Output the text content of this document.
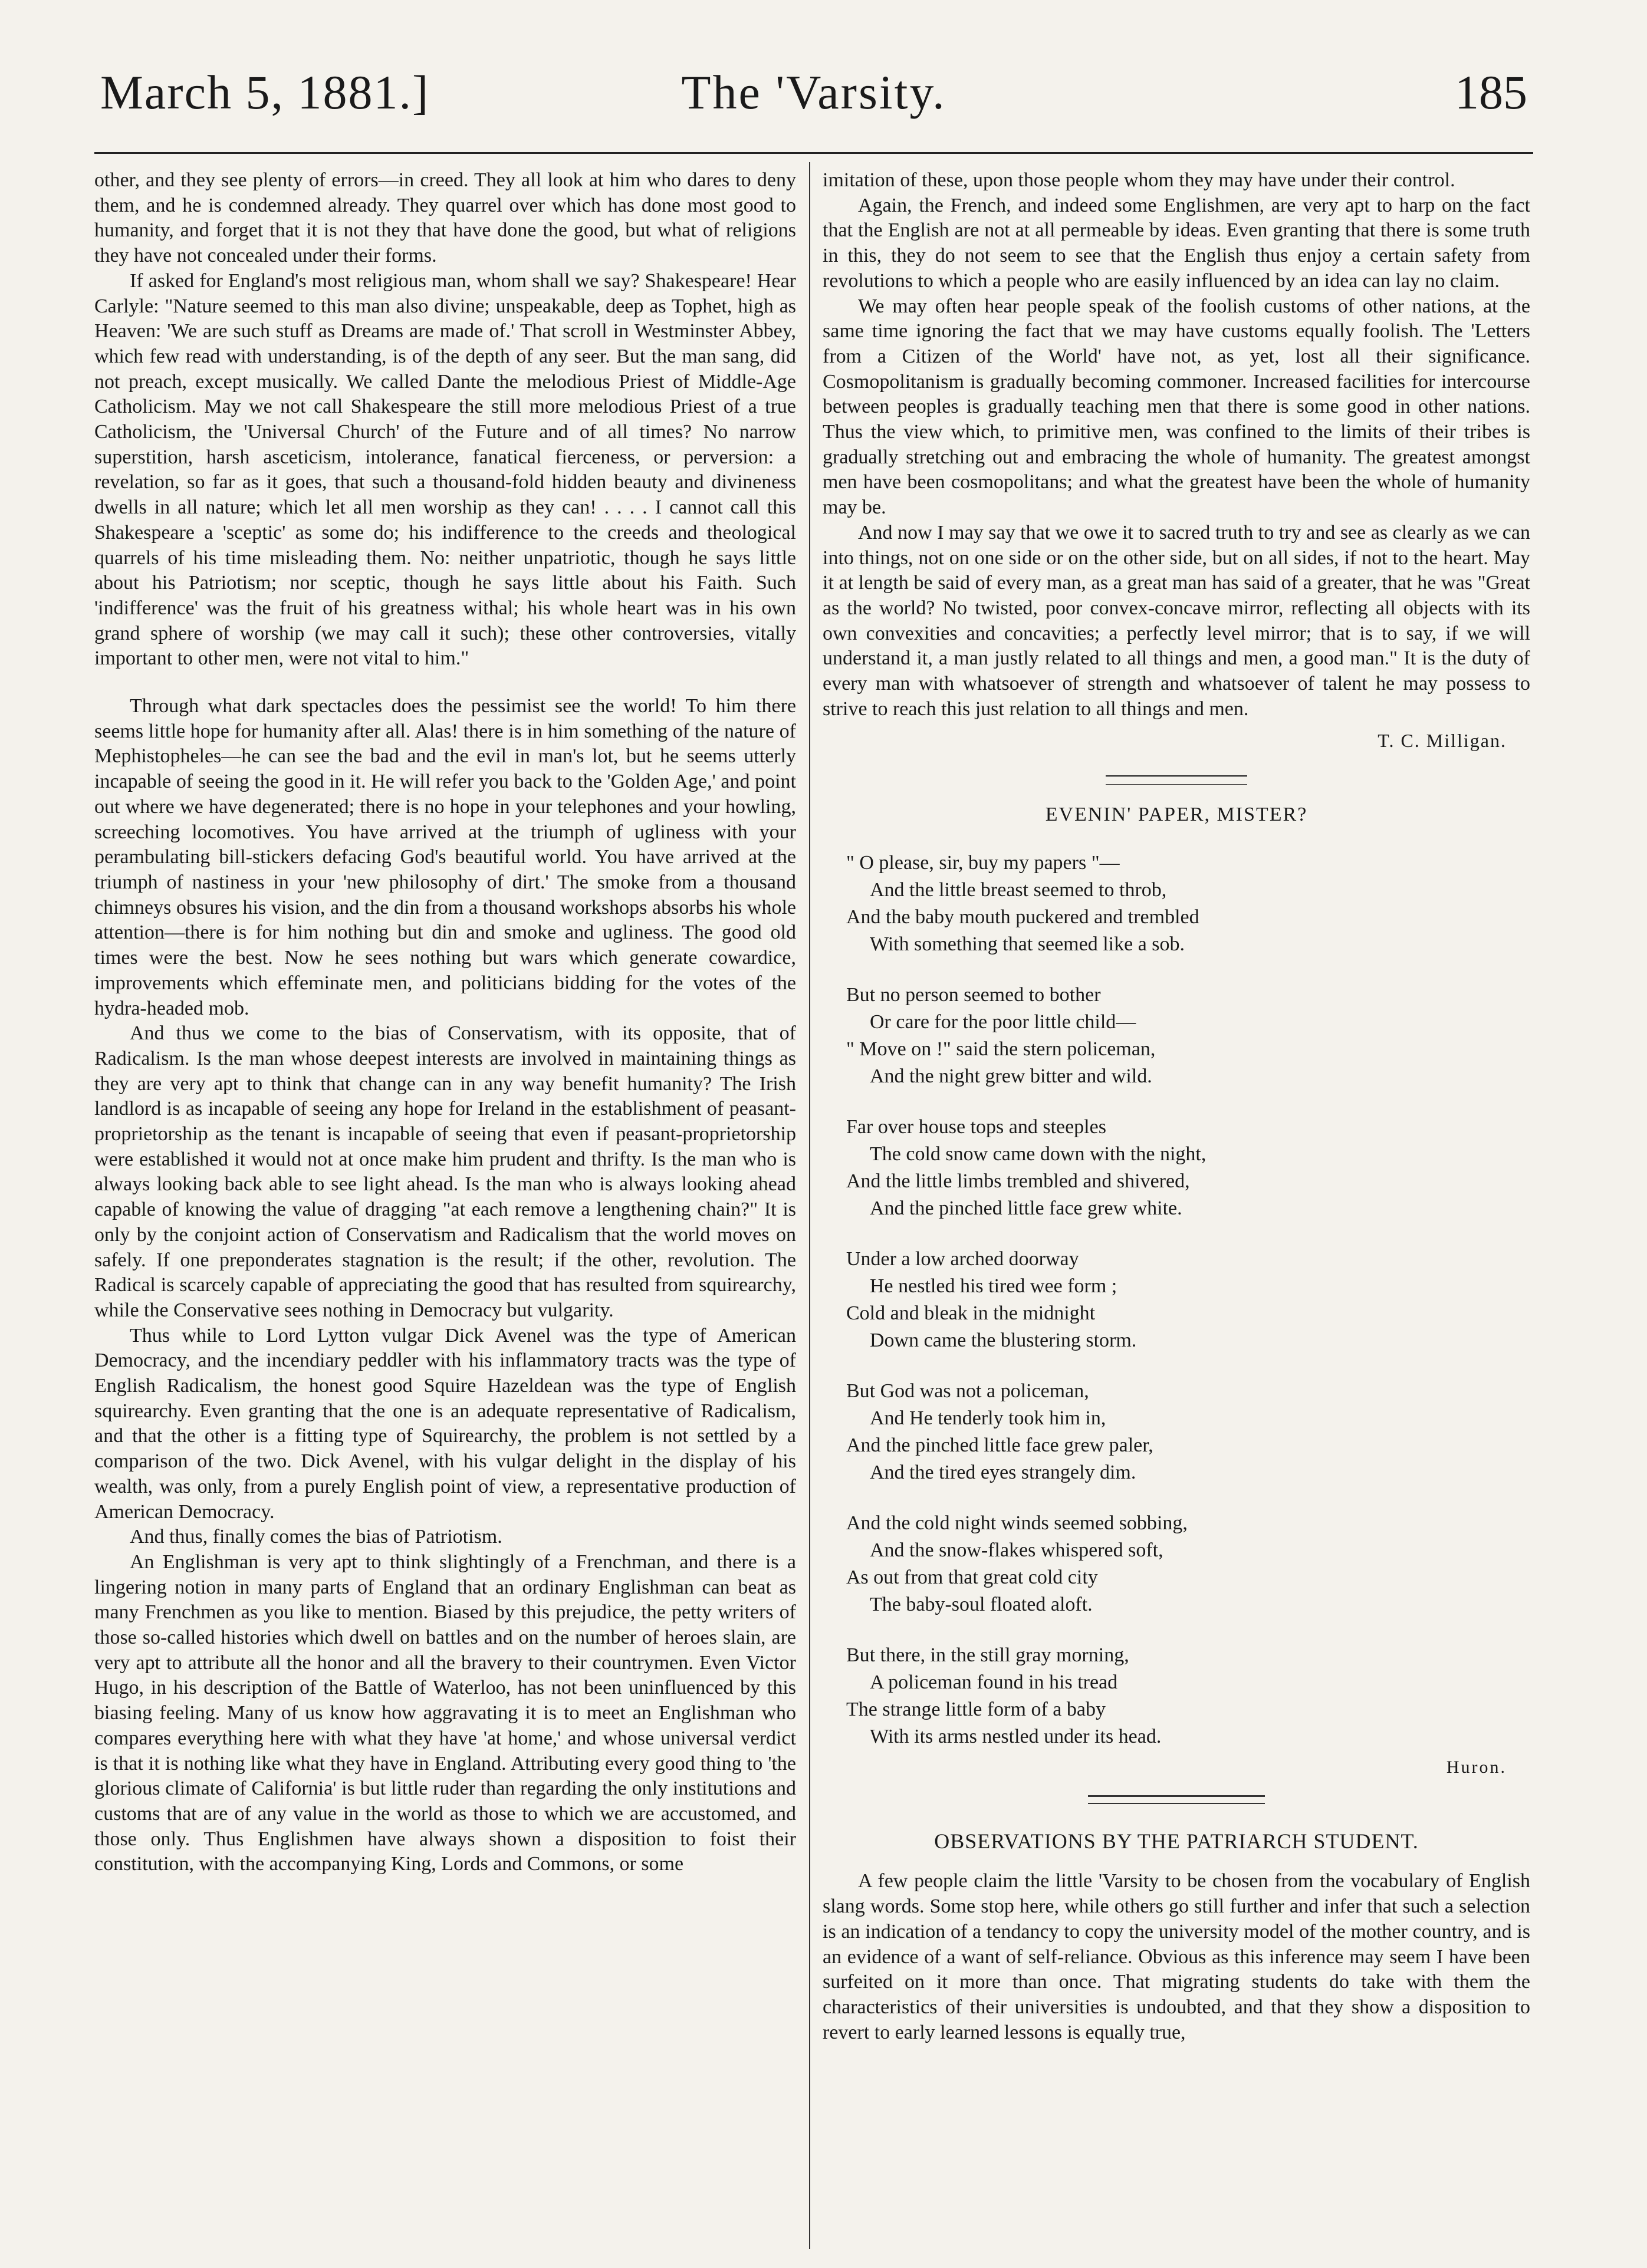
March 5, 1881.]	The 'Varsity.	185

other, and they see plenty of errors—in creed. They all look at him who dares to deny them, and he is condemned already. They quarrel over which has done most good to humanity, and forget that it is not they that have done the good, but what of religions they have not concealed under their forms.

If asked for England's most religious man, whom shall we say? Shakespeare! Hear Carlyle: "Nature seemed to this man also divine; unspeakable, deep as Tophet, high as Heaven: 'We are such stuff as Dreams are made of.' That scroll in Westminster Abbey, which few read with understanding, is of the depth of any seer. But the man sang, did not preach, except musically. We called Dante the melodious Priest of Middle-Age Catholicism. May we not call Shakespeare the still more melodious Priest of a true Catholicism, the 'Universal Church' of the Future and of all times? No narrow superstition, harsh asceticism, intolerance, fanatical fierceness, or perversion: a revelation, so far as it goes, that such a thousand-fold hidden beauty and divineness dwells in all nature; which let all men worship as they can! . . . . I cannot call this Shakespeare a 'sceptic' as some do; his indifference to the creeds and theological quarrels of his time misleading them. No: neither unpatriotic, though he says little about his Patriotism; nor sceptic, though he says little about his Faith. Such 'indifference' was the fruit of his greatness withal; his whole heart was in his own grand sphere of worship (we may call it such); these other controversies, vitally important to other men, were not vital to him."

Through what dark spectacles does the pessimist see the world! To him there seems little hope for humanity after all. Alas! there is in him something of the nature of Mephistopheles—he can see the bad and the evil in man's lot, but he seems utterly incapable of seeing the good in it. He will refer you back to the 'Golden Age,' and point out where we have degenerated; there is no hope in your telephones and your howling, screeching locomotives. You have arrived at the triumph of ugliness with your perambulating bill-stickers defacing God's beautiful world. You have arrived at the triumph of nastiness in your 'new philosophy of dirt.' The smoke from a thousand chimneys obsures his vision, and the din from a thousand workshops absorbs his whole attention—there is for him nothing but din and smoke and ugliness. The good old times were the best. Now he sees nothing but wars which generate cowardice, improvements which effeminate men, and politicians bidding for the votes of the hydra-headed mob.

And thus we come to the bias of Conservatism, with its opposite, that of Radicalism. Is the man whose deepest interests are involved in maintaining things as they are very apt to think that change can in any way benefit humanity? The Irish landlord is as incapable of seeing any hope for Ireland in the establishment of peasant-proprietorship as the tenant is incapable of seeing that even if peasant-proprietorship were established it would not at once make him prudent and thrifty. Is the man who is always looking back able to see light ahead. Is the man who is always looking ahead capable of knowing the value of dragging "at each remove a lengthening chain?" It is only by the conjoint action of Conservatism and Radicalism that the world moves on safely. If one preponderates stagnation is the result; if the other, revolution. The Radical is scarcely capable of appreciating the good that has resulted from squirearchy, while the Conservative sees nothing in Democracy but vulgarity.

Thus while to Lord Lytton vulgar Dick Avenel was the type of American Democracy, and the incendiary peddler with his inflammatory tracts was the type of English Radicalism, the honest good Squire Hazeldean was the type of English squirearchy. Even granting that the one is an adequate representative of Radicalism, and that the other is a fitting type of Squirearchy, the problem is not settled by a comparison of the two. Dick Avenel, with his vulgar delight in the display of his wealth, was only, from a purely English point of view, a representative production of American Democracy.

And thus, finally comes the bias of Patriotism.

An Englishman is very apt to think slightingly of a Frenchman, and there is a lingering notion in many parts of England that an ordinary Englishman can beat as many Frenchmen as you like to mention. Biased by this prejudice, the petty writers of those so-called histories which dwell on battles and on the number of heroes slain, are very apt to attribute all the honor and all the bravery to their countrymen. Even Victor Hugo, in his description of the Battle of Waterloo, has not been uninfluenced by this biasing feeling. Many of us know how aggravating it is to meet an Englishman who compares everything here with what they have 'at home,' and whose universal verdict is that it is nothing like what they have in England. Attributing every good thing to 'the glorious climate of California' is but little ruder than regarding the only institutions and customs that are of any value in the world as those to which we are accustomed, and those only. Thus Englishmen have always shown a disposition to foist their constitution, with the accompanying King, Lords and Commons, or some

imitation of these, upon those people whom they may have under their control.

Again, the French, and indeed some Englishmen, are very apt to harp on the fact that the English are not at all permeable by ideas. Even granting that there is some truth in this, they do not seem to see that the English thus enjoy a certain safety from revolutions to which a people who are easily influenced by an idea can lay no claim.

We may often hear people speak of the foolish customs of other nations, at the same time ignoring the fact that we may have customs equally foolish. The 'Letters from a Citizen of the World' have not, as yet, lost all their significance. Cosmopolitanism is gradually becoming commoner. Increased facilities for intercourse between peoples is gradually teaching men that there is some good in other nations. Thus the view which, to primitive men, was confined to the limits of their tribes is gradually stretching out and embracing the whole of humanity. The greatest amongst men have been cosmopolitans; and what the greatest have been the whole of humanity may be.

And now I may say that we owe it to sacred truth to try and see as clearly as we can into things, not on one side or on the other side, but on all sides, if not to the heart. May it at length be said of every man, as a great man has said of a greater, that he was "Great as the world? No twisted, poor convex-concave mirror, reflecting all objects with its own convexities and concavities; a perfectly level mirror; that is to say, if we will understand it, a man justly related to all things and men, a good man." It is the duty of every man with whatsoever of strength and whatsoever of talent he may possess to strive to reach this just relation to all things and men.

T. C. Milligan.
EVENIN' PAPER, MISTER?
" O please, sir, buy my papers "—
And the little breast seemed to throb,
And the baby mouth puckered and trembled
With something that seemed like a sob.
But no person seemed to bother
Or care for the poor little child—
" Move on !" said the stern policeman,
And the night grew bitter and wild.
Far over house tops and steeples
The cold snow came down with the night,
And the little limbs trembled and shivered,
And the pinched little face grew white.
Under a low arched doorway
He nestled his tired wee form ;
Cold and bleak in the midnight
Down came the blustering storm.
But God was not a policeman,
And He tenderly took him in,
And the pinched little face grew paler,
And the tired eyes strangely dim.
And the cold night winds seemed sobbing,
And the snow-flakes whispered soft,
As out from that great cold city
The baby-soul floated aloft.
But there, in the still gray morning,
A policeman found in his tread
The strange little form of a baby
With its arms nestled under its head.
Huron.
OBSERVATIONS BY THE PATRIARCH STUDENT.

A few people claim the little 'Varsity to be chosen from the vocabulary of English slang words. Some stop here, while others go still further and infer that such a selection is an indication of a tendancy to copy the university model of the mother country, and is an evidence of a want of self-reliance. Obvious as this inference may seem I have been surfeited on it more than once. That migrating students do take with them the characteristics of their universities is undoubted, and that they show a disposition to revert to early learned lessons is equally true,
